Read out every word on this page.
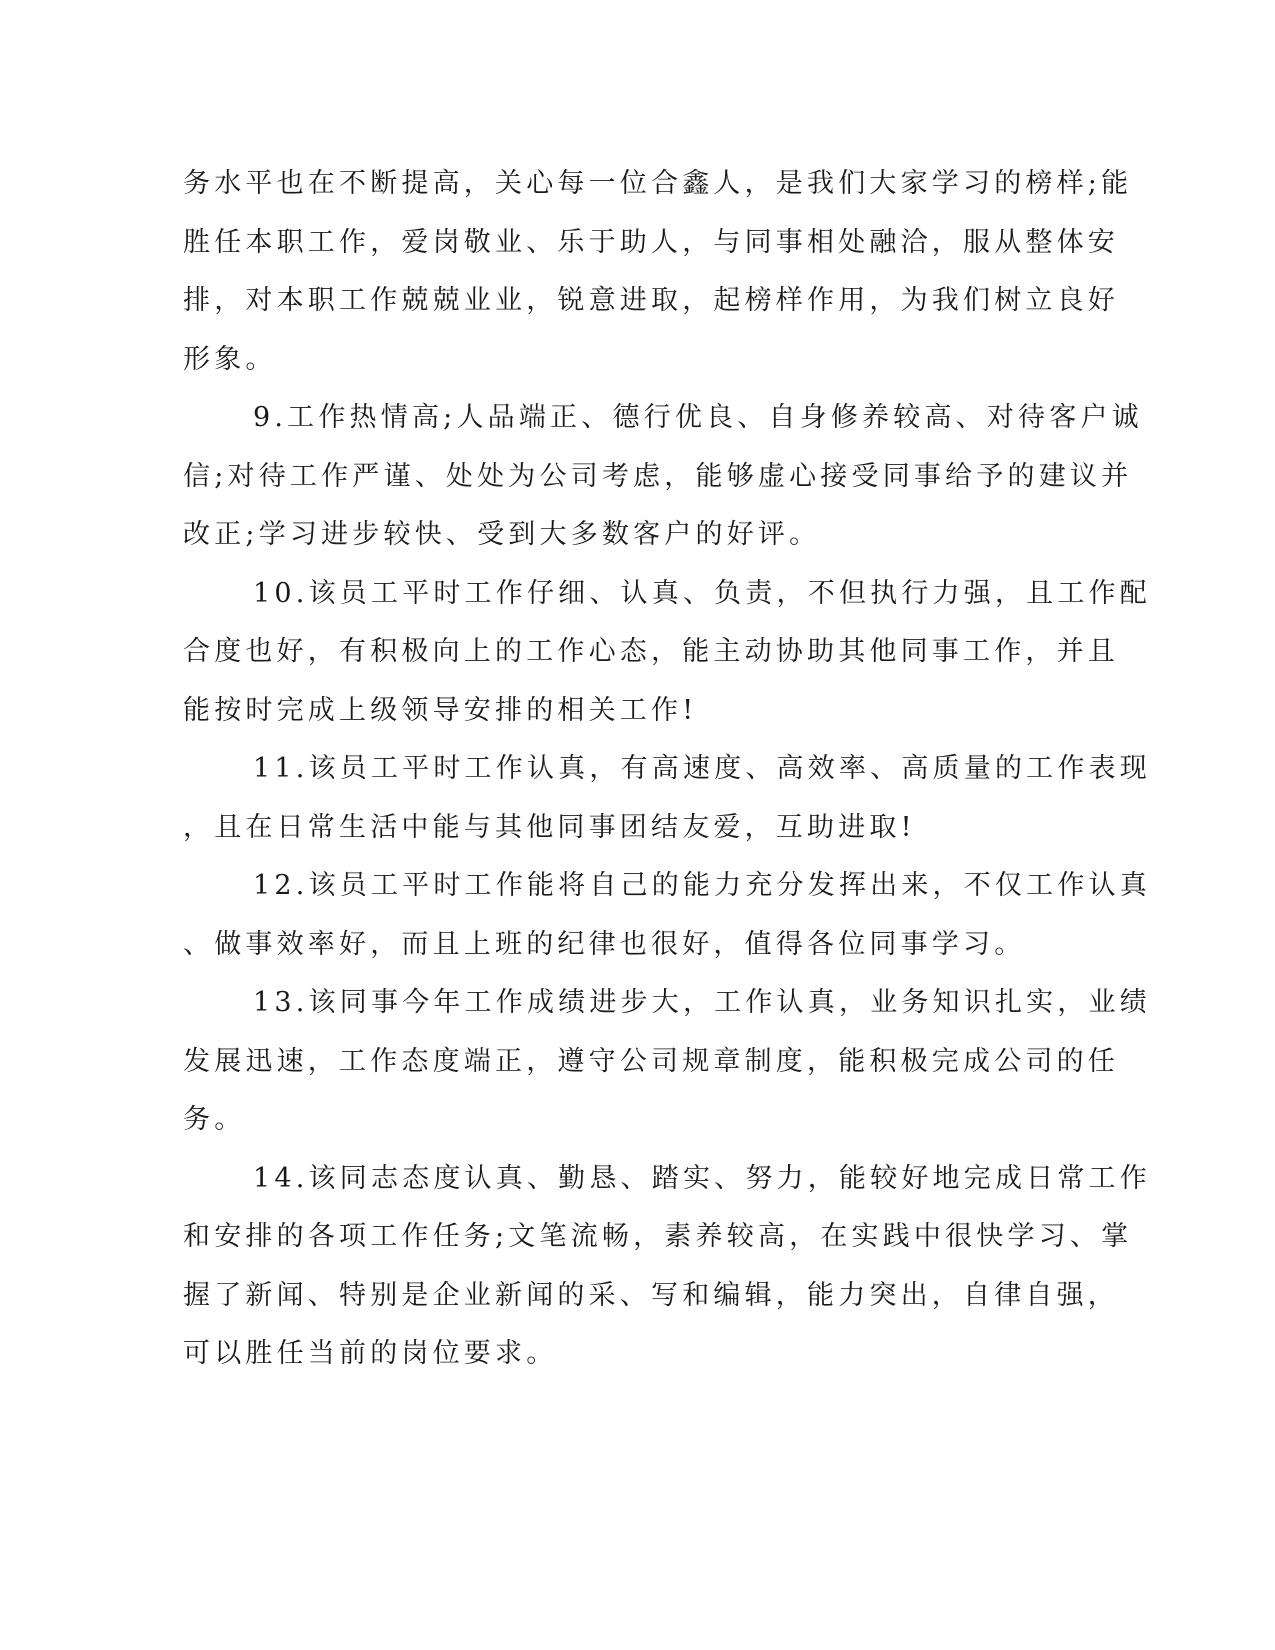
务水平也在不断提高，关心每一位合鑫人，是我们大家学习的榜样;能
胜任本职工作，爱岗敬业、乐于助人，与同事相处融洽，服从整体安
排，对本职工作兢兢业业，锐意进取，起榜样作用，为我们树立良好
形象。

9.工作热情高;人品端正、德行优良、自身修养较高、对待客户诚
信;对待工作严谨、处处为公司考虑，能够虚心接受同事给予的建议并
改正;学习进步较快、受到大多数客户的好评。

10.该员工平时工作仔细、认真、负责，不但执行力强，且工作配
合度也好，有积极向上的工作心态，能主动协助其他同事工作，并且
能按时完成上级领导安排的相关工作!

11.该员工平时工作认真，有高速度、高效率、高质量的工作表现
，且在日常生活中能与其他同事团结友爱，互助进取!

12.该员工平时工作能将自己的能力充分发挥出来，不仅工作认真
、做事效率好，而且上班的纪律也很好，值得各位同事学习。

13.该同事今年工作成绩进步大，工作认真，业务知识扎实，业绩
发展迅速，工作态度端正，遵守公司规章制度，能积极完成公司的任
务。

14.该同志态度认真、勤恳、踏实、努力，能较好地完成日常工作
和安排的各项工作任务;文笔流畅，素养较高，在实践中很快学习、掌
握了新闻、特别是企业新闻的采、写和编辑，能力突出，自律自强，
可以胜任当前的岗位要求。
